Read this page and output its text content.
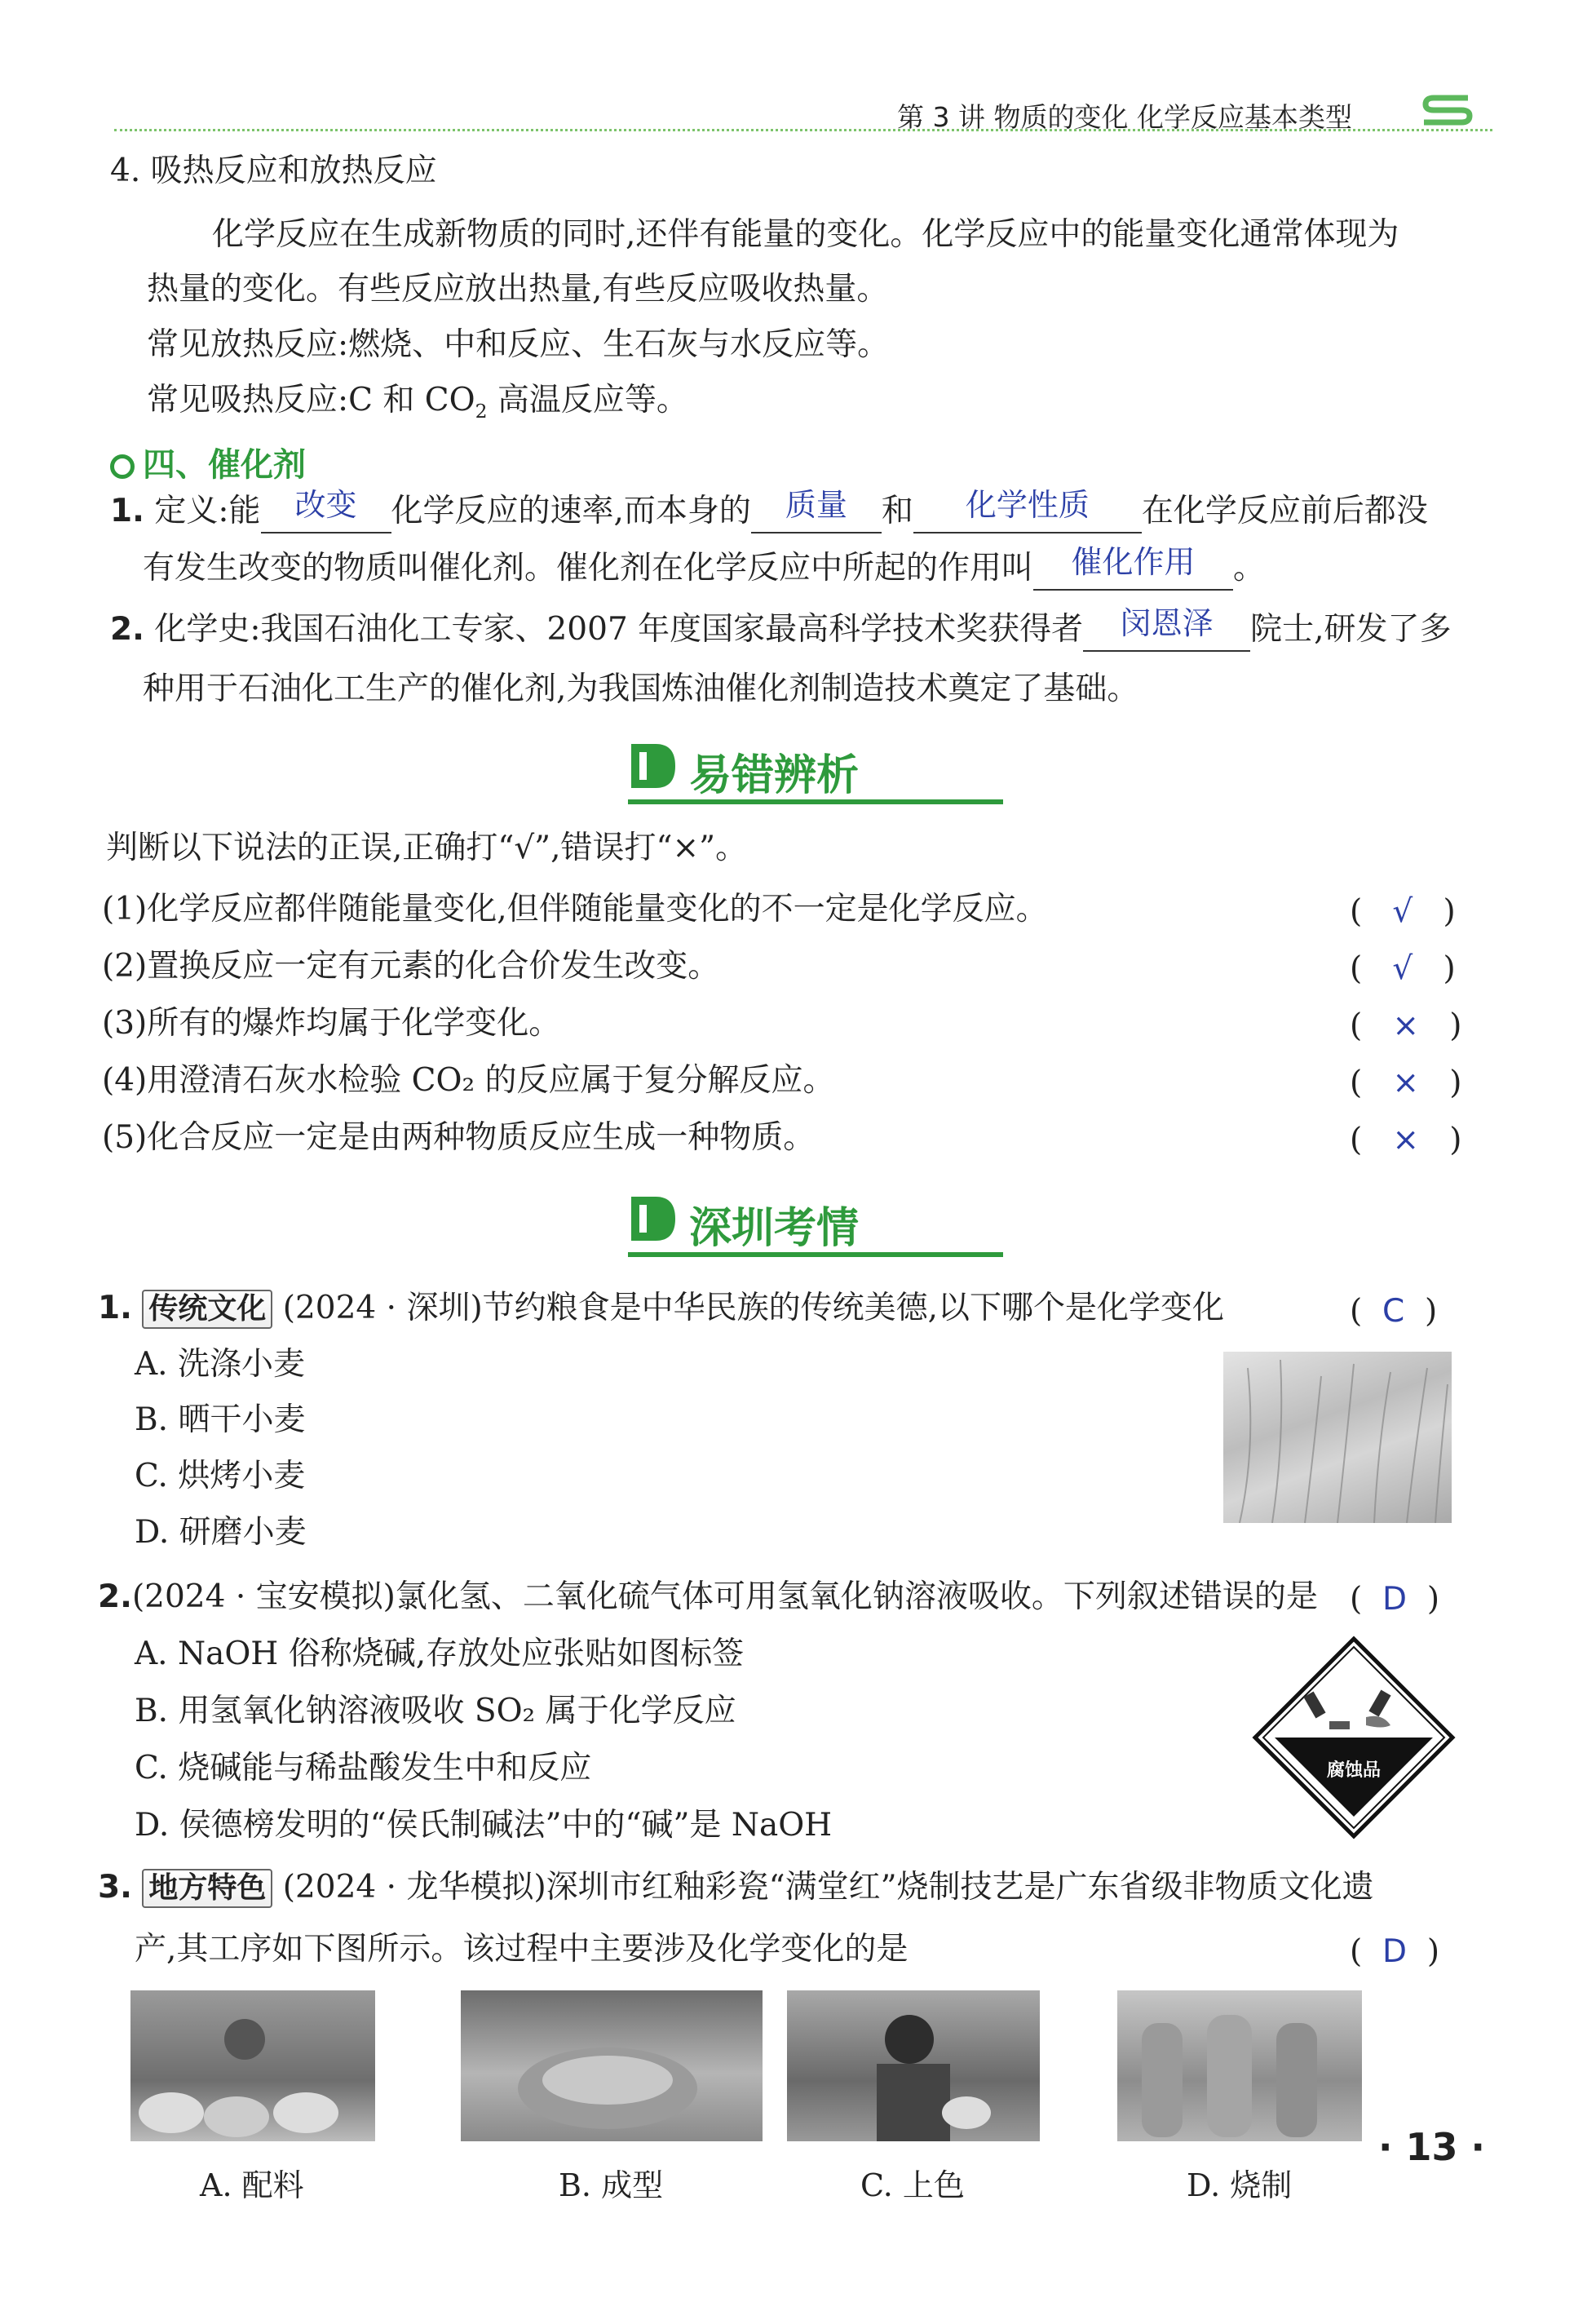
第 3 讲 物质的变化 化学反应基本类型
4. 吸热反应和放热反应
化学反应在生成新物质的同时,还伴有能量的变化。化学反应中的能量变化通常体现为
热量的变化。有些反应放出热量,有些反应吸收热量。
常见放热反应:燃烧、中和反应、生石灰与水反应等。
常见吸热反应:C 和 $CO_2$ 高温反应等。
四、催化剂
1. 定义:能	改变	化学反应的速率,而本身的	质量	和	化学性质	在化学反应前后都没
有发生改变的物质叫催化剂。催化剂在化学反应中所起的作用叫	催化作用	。
2. 化学史:我国石油化工专家、2007 年度国家最高科学技术奖获得者	闵恩泽	院士,研发了多
种用于石油化工生产的催化剂,为我国炼油催化剂制造技术奠定了基础。
易错辨析
判断以下说法的正误,正确打“√”,错误打“×”。
(1)化学反应都伴随能量变化,但伴随能量变化的不一定是化学反应。	(   √   )
(2)置换反应一定有元素的化合价发生改变。	(   √   )
(3)所有的爆炸均属于化学变化。	(   ×   )
(4)用澄清石灰水检验 CO₂ 的反应属于复分解反应。	(   ×   )
(5)化合反应一定是由两种物质反应生成一种物质。	(   ×   )
深圳考情
1. 传统文化 (2024 · 深圳)节约粮食是中华民族的传统美德,以下哪个是化学变化	(  C  )
A. 洗涤小麦
B. 晒干小麦
C. 烘烤小麦
D. 研磨小麦
2.(2024 · 宝安模拟)氯化氢、二氧化硫气体可用氢氧化钠溶液吸收。下列叙述错误的是 (  D  )
A. NaOH 俗称烧碱,存放处应张贴如图标签
B. 用氢氧化钠溶液吸收 SO₂ 属于化学反应
C. 烧碱能与稀盐酸发生中和反应
D. 侯德榜发明的“侯氏制碱法”中的“碱”是 NaOH
腐蚀品
3. 地方特色 (2024 · 龙华模拟)深圳市红釉彩瓷“满堂红”烧制技艺是广东省级非物质文化遗
产,其工序如下图所示。该过程中主要涉及化学变化的是	(  D  )
A. 配料	B. 成型	C. 上色	D. 烧制
· 13 ·
